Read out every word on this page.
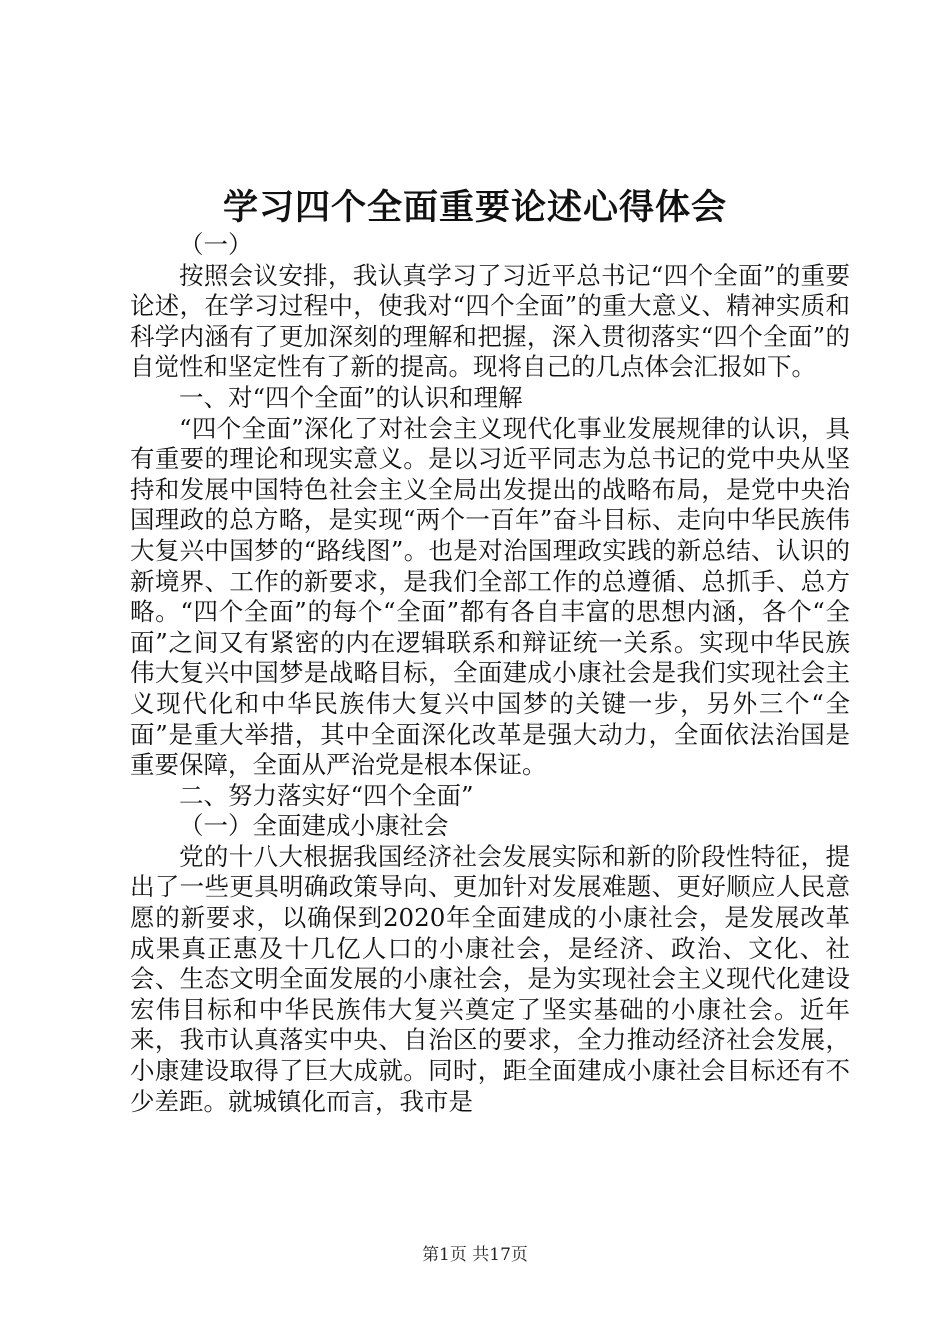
学习四个全面重要论述心得体会

（一）

按照会议安排，我认真学习了习近平总书记“四个全面”的重要论述，在学习过程中，使我对“四个全面”的重大意义、精神实质和科学内涵有了更加深刻的理解和把握，深入贯彻落实“四个全面”的自觉性和坚定性有了新的提高。现将自己的几点体会汇报如下。

一、对“四个全面”的认识和理解

“四个全面”深化了对社会主义现代化事业发展规律的认识，具有重要的理论和现实意义。是以习近平同志为总书记的党中央从坚持和发展中国特色社会主义全局出发提出的战略布局，是党中央治国理政的总方略，是实现“两个一百年”奋斗目标、走向中华民族伟大复兴中国梦的“路线图”。也是对治国理政实践的新总结、认识的新境界、工作的新要求，是我们全部工作的总遵循、总抓手、总方略。“四个全面”的每个“全面”都有各自丰富的思想内涵，各个“全面”之间又有紧密的内在逻辑联系和辩证统一关系。实现中华民族伟大复兴中国梦是战略目标，全面建成小康社会是我们实现社会主义现代化和中华民族伟大复兴中国梦的关键一步，另外三个“全面”是重大举措，其中全面深化改革是强大动力，全面依法治国是重要保障，全面从严治党是根本保证。

二、努力落实好“四个全面”

（一）全面建成小康社会

党的十八大根据我国经济社会发展实际和新的阶段性特征，提出了一些更具明确政策导向、更加针对发展难题、更好顺应人民意愿的新要求，以确保到2020年全面建成的小康社会，是发展改革成果真正惠及十几亿人口的小康社会，是经济、政治、文化、社会、生态文明全面发展的小康社会，是为实现社会主义现代化建设宏伟目标和中华民族伟大复兴奠定了坚实基础的小康社会。近年来，我市认真落实中央、自治区的要求，全力推动经济社会发展，小康建设取得了巨大成就。同时，距全面建成小康社会目标还有不少差距。就城镇化而言，我市是

第1页 共17页
